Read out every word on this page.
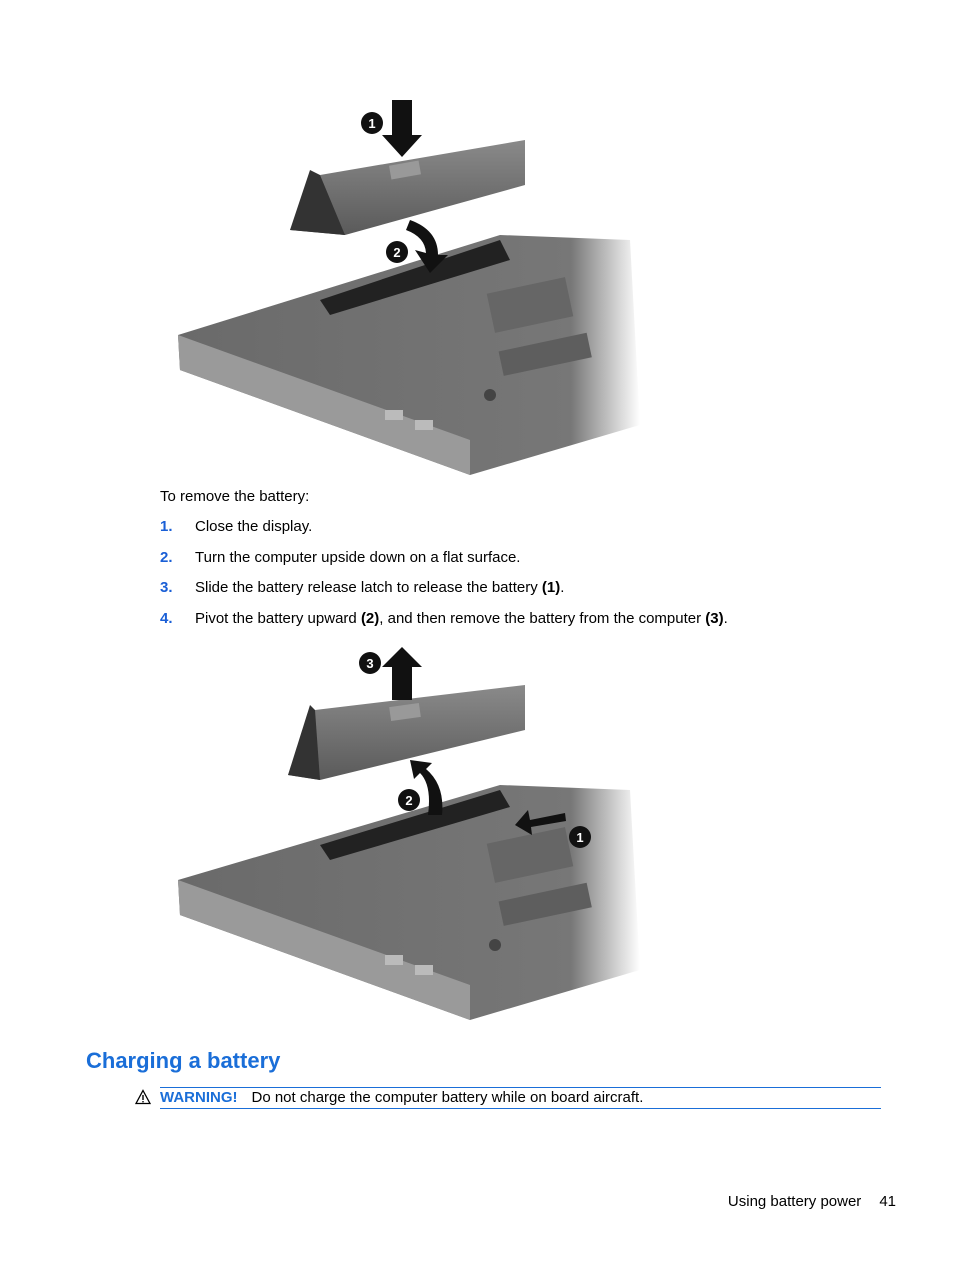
1
2
To remove the battery:
1. Close the display.
2. Turn the computer upside down on a flat surface.
3. Slide the battery release latch to release the battery (1).
4. Pivot the battery upward (2), and then remove the battery from the computer (3).
3
2
1
Charging a battery
WARNING! Do not charge the computer battery while on board aircraft.
Using battery power 41
